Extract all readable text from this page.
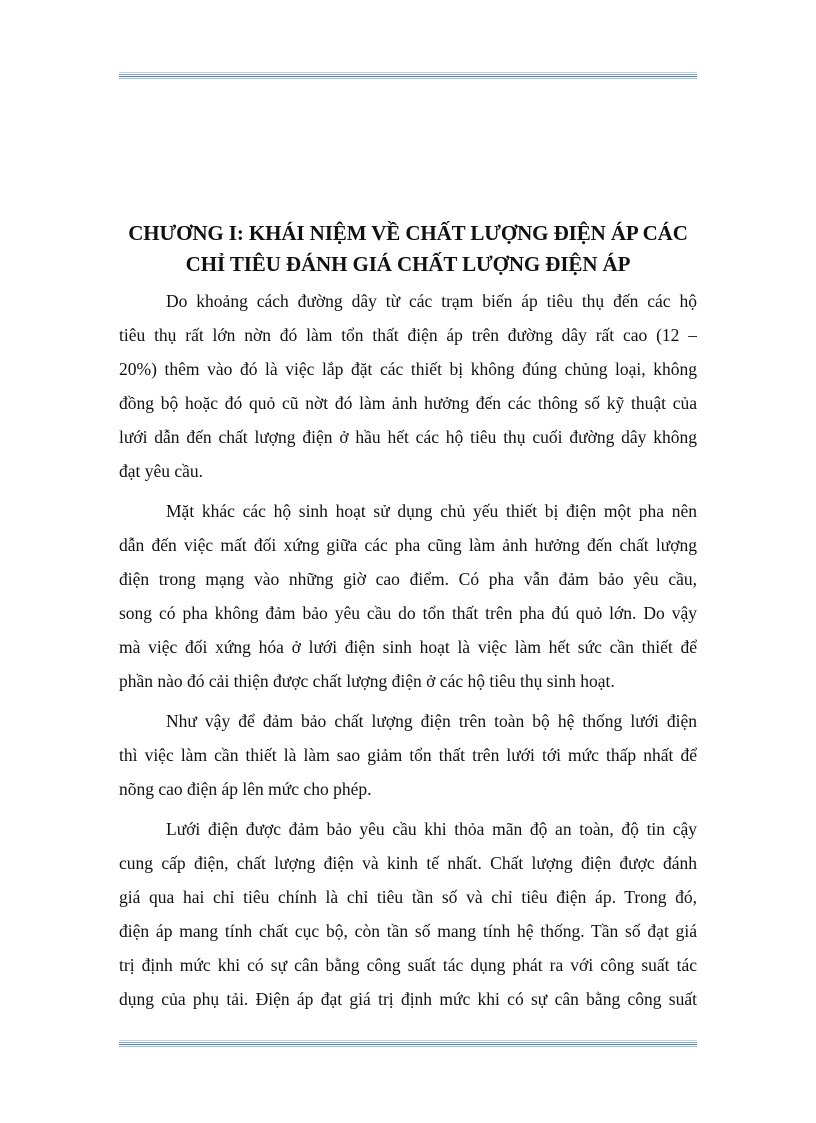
CHƯƠNG I: KHÁI NIỆM VỀ CHẤT LƯỢNG ĐIỆN ÁP CÁC
CHỈ TIÊU ĐÁNH GIÁ CHẤT LƯỢNG ĐIỆN ÁP

Do khoảng cách đường dây từ các trạm biến áp tiêu thụ đến các hộ
tiêu thụ rất lớn nờn đó làm tổn thất điện áp trên đường dây rất cao (12 –
20%) thêm vào đó là việc lắp đặt các thiết bị không đúng chủng loại, không
đồng bộ hoặc đó quỏ cũ nờt đó làm ảnh hưởng đến các thông số kỹ thuật của
lưới dẫn đến chất lượng điện ở hầu hết các hộ tiêu thụ cuối đường dây không
đạt yêu cầu.

Mặt khác các hộ sinh hoạt sử dụng chủ yếu thiết bị điện một pha nên
dẫn đến việc mất đối xứng giữa các pha cũng làm ảnh hưởng đến chất lượng
điện trong mạng vào những giờ cao điểm. Có pha vẫn đảm bảo yêu cầu,
song có pha không đảm bảo yêu cầu do tổn thất trên pha đú quỏ lớn. Do vậy
mà việc đối xứng hóa ở lưới điện sinh hoạt là việc làm hết sức cần thiết để
phần nào đó cải thiện được chất lượng điện ở các hộ tiêu thụ sinh hoạt.

Như vậy để đảm bảo chất lượng điện trên toàn bộ hệ thống lưới điện
thì việc làm cần thiết là làm sao giảm tổn thất trên lưới tới mức thấp nhất để
nõng cao điện áp lên mức cho phép.

Lưới điện được đảm bảo yêu cầu khi thỏa mãn độ an toàn, độ tin cậy
cung cấp điện, chất lượng điện và kinh tế nhất. Chất lượng điện được đánh
giá qua hai chỉ tiêu chính là chỉ tiêu tần số và chỉ tiêu điện áp. Trong đó,
điện áp mang tính chất cục bộ, còn tần số mang tính hệ thống. Tần số đạt giá
trị định mức khi có sự cân bằng công suất tác dụng phát ra với công suất tác
dụng của phụ tải. Điện áp đạt giá trị định mức khi có sự cân bằng công suất
